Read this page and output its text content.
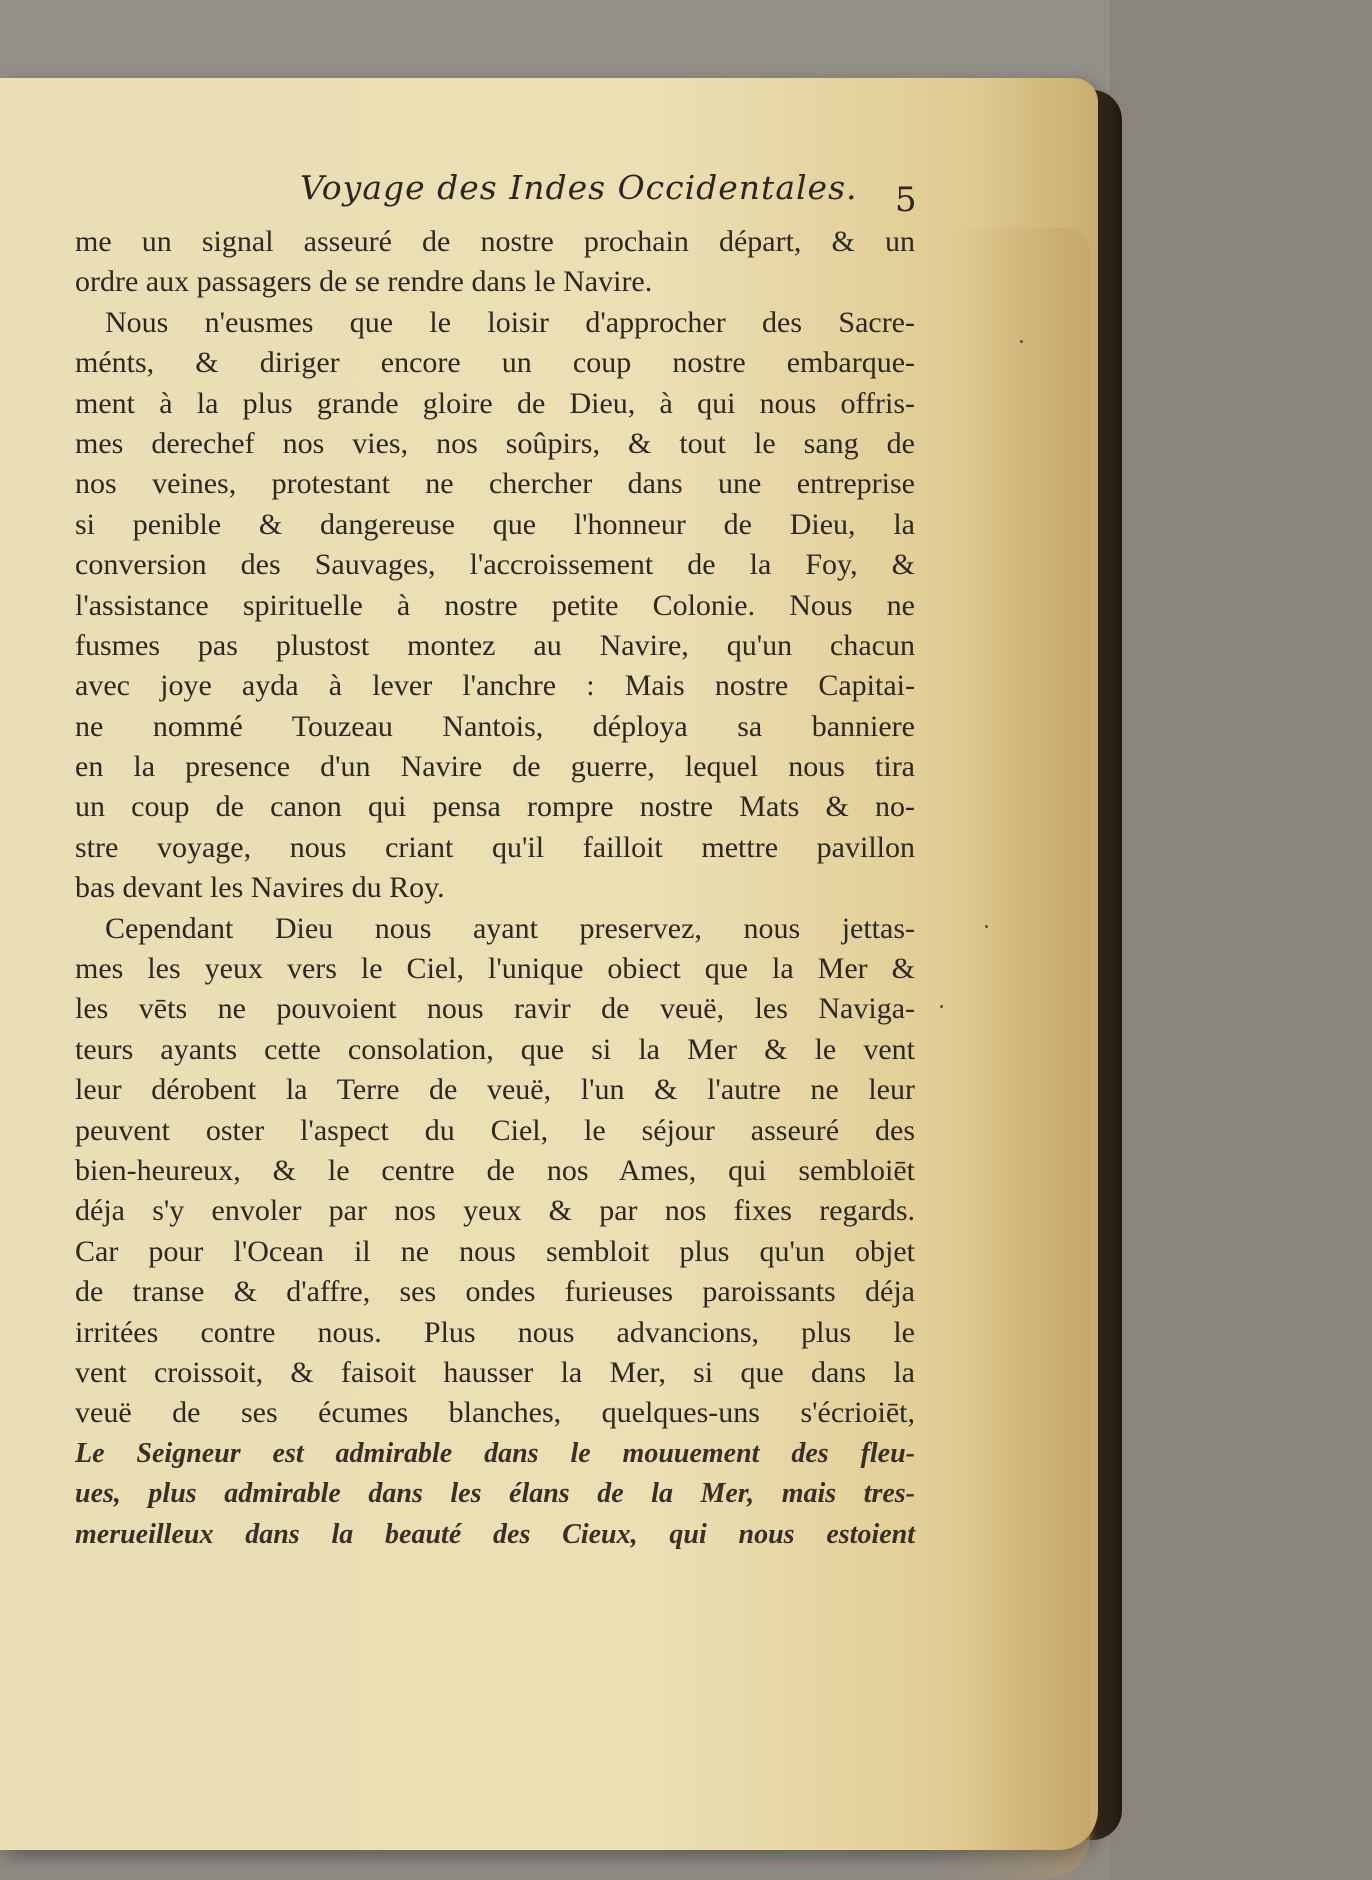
Voyage des Indes Occidentales.	5
me un signal asseuré de nostre prochain départ, & un
ordre aux passagers de se rendre dans le Navire.
Nous n'eusmes que le loisir d'approcher des Sacre-
ménts, & diriger encore un coup nostre embarque-
ment à la plus grande gloire de Dieu, à qui nous offris-
mes derechef nos vies, nos soûpirs, & tout le sang de
nos veines, protestant ne chercher dans une entreprise
si penible & dangereuse que l'honneur de Dieu, la
conversion des Sauvages, l'accroissement de la Foy, &
l'assistance spirituelle à nostre petite Colonie. Nous ne
fusmes pas plustost montez au Navire, qu'un chacun
avec joye ayda à lever l'anchre : Mais nostre Capitai-
ne nommé Touzeau Nantois, déploya sa banniere
en la presence d'un Navire de guerre, lequel nous tira
un coup de canon qui pensa rompre nostre Mats & no-
stre voyage, nous criant qu'il failloit mettre pavillon
bas devant les Navires du Roy.
Cependant Dieu nous ayant preservez, nous jettas-
mes les yeux vers le Ciel, l'unique obiect que la Mer &
les vēts ne pouvoient nous ravir de veuë, les Naviga-
teurs ayants cette consolation, que si la Mer & le vent
leur dérobent la Terre de veuë, l'un & l'autre ne leur
peuvent oster l'aspect du Ciel, le séjour asseuré des
bien-heureux, & le centre de nos Ames, qui sembloiēt
déja s'y envoler par nos yeux & par nos fixes regards.
Car pour l'Ocean il ne nous sembloit plus qu'un objet
de transe & d'affre, ses ondes furieuses paroissants déja
irritées contre nous. Plus nous advancions, plus le
vent croissoit, & faisoit hausser la Mer, si que dans la
veuë de ses écumes blanches, quelques-uns s'écrioiēt,
Le Seigneur est admirable dans le mouuement des fleu-
ues, plus admirable dans les élans de la Mer, mais tres-
merueilleux dans la beauté des Cieux, qui nous estoient
